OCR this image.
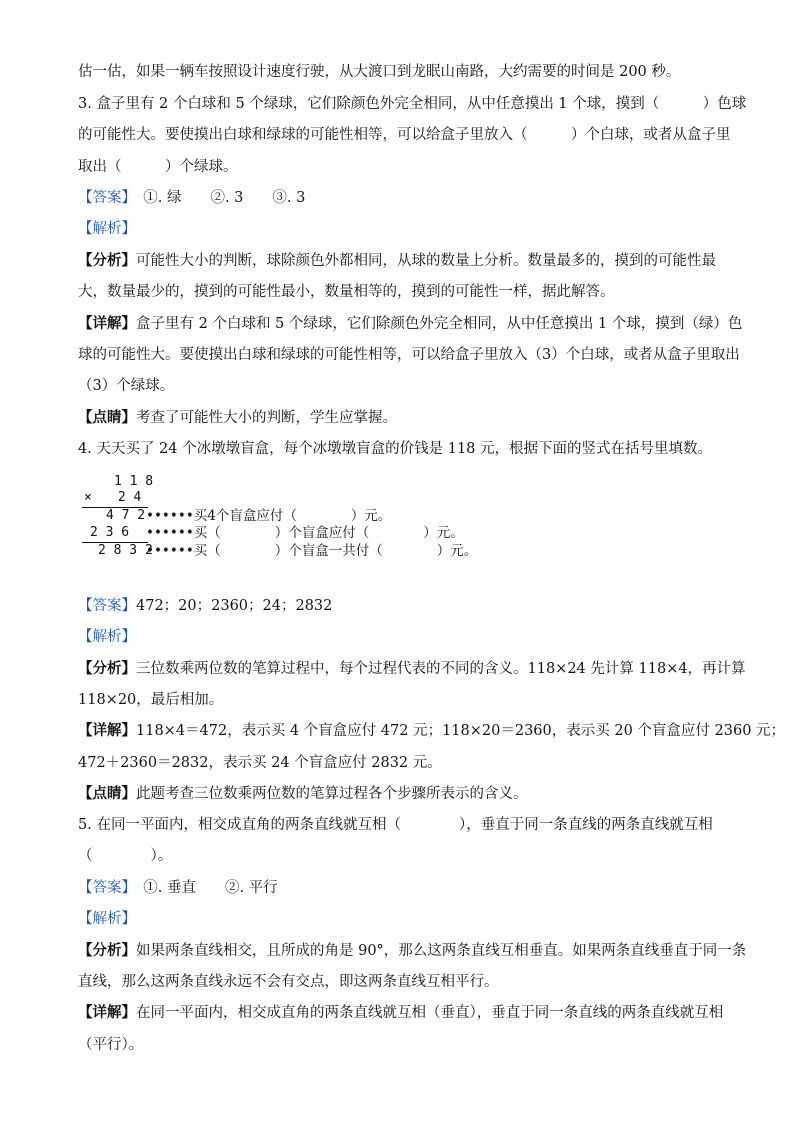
估一估，如果一辆车按照设计速度行驶，从大渡口到龙眠山南路，大约需要的时间是 200 秒。
3. 盒子里有 2 个白球和 5 个绿球，它们除颜色外完全相同，从中任意摸出 1 个球，摸到（　　　）色球
的可能性大。要使摸出白球和绿球的可能性相等，可以给盒子里放入（　　　）个白球，或者从盒子里
取出（　　　）个绿球。
【答案】　①. 绿　　②. 3　　③. 3
【解析】
【分析】可能性大小的判断，球除颜色外都相同，从球的数量上分析。数量最多的，摸到的可能性最
大，数量最少的，摸到的可能性最小，数量相等的，摸到的可能性一样，据此解答。
【详解】盒子里有 2 个白球和 5 个绿球，它们除颜色外完全相同，从中任意摸出 1 个球，摸到（绿）色
球的可能性大。要使摸出白球和绿球的可能性相等，可以给盒子里放入（3）个白球，或者从盒子里取出
（3）个绿球。
【点睛】考查了可能性大小的判断，学生应掌握。
4. 天天买了 24 个冰墩墩盲盒，每个冰墩墩盲盒的价钱是 118 元，根据下面的竖式在括号里填数。
1 1 8
×　　2 4
4 7 2 ••••••买4个盲盒应付（　　　　）元。
2 3 6 ••••••买（　　　　）个盲盒应付（　　　　）元。
2 8 3 2
••••••买（　　　　）个盲盒一共付（　　　　）元。
【答案】472；20；2360；24；2832
【解析】
【分析】三位数乘两位数的笔算过程中，每个过程代表的不同的含义。118×24 先计算 118×4，再计算
118×20，最后相加。
【详解】118×4＝472，表示买 4 个盲盒应付 472 元；118×20＝2360，表示买 20 个盲盒应付 2360 元；
472＋2360＝2832，表示买 24 个盲盒应付 2832 元。
【点睛】此题考查三位数乘两位数的笔算过程各个步骤所表示的含义。
5. 在同一平面内，相交成直角的两条直线就互相（　　　　），垂直于同一条直线的两条直线就互相
（　　　　）。
【答案】　①. 垂直　　②. 平行
【解析】
【分析】如果两条直线相交，且所成的角是 90°，那么这两条直线互相垂直。如果两条直线垂直于同一条
直线，那么这两条直线永远不会有交点，即这两条直线互相平行。
【详解】在同一平面内，相交成直角的两条直线就互相（垂直），垂直于同一条直线的两条直线就互相
（平行）。
